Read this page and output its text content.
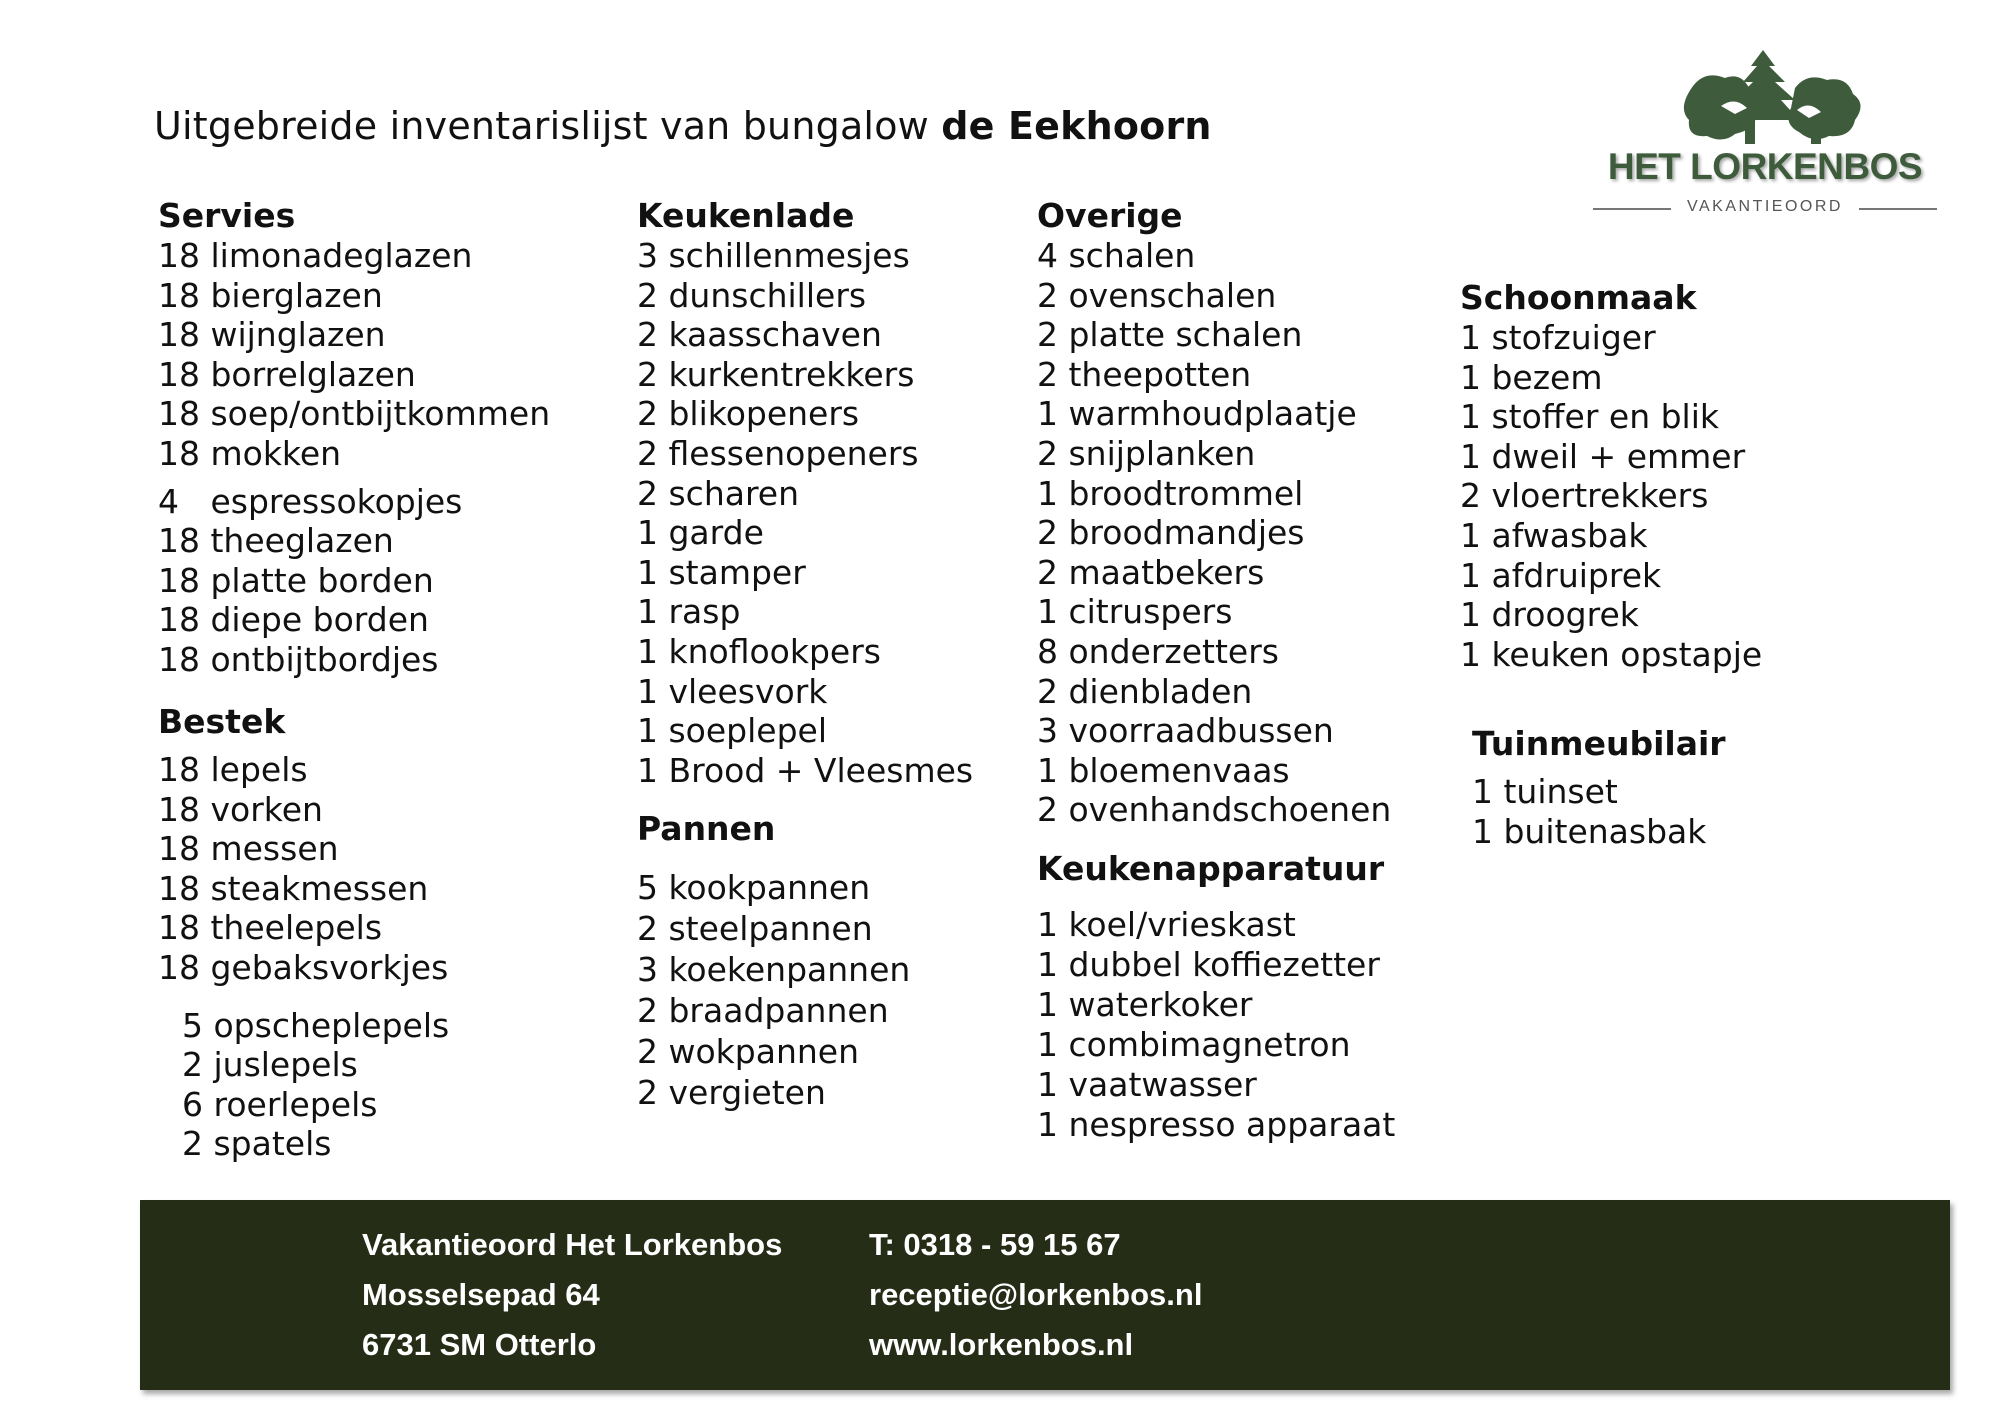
Uitgebreide inventarislijst van bungalow de Eekhoorn
HET LORKENBOS
VAKANTIEOORD
Servies
18 limonadeglazen
18 bierglazen
18 wijnglazen
18 borrelglazen
18 soep/ontbijtkommen
18 mokken
4   espressokopjes
18 theeglazen
18 platte borden
18 diepe borden
18 ontbijtbordjes
Bestek
18 lepels
18 vorken
18 messen
18 steakmessen
18 theelepels
18 gebaksvorkjes
5 opscheplepels
2 juslepels
6 roerlepels
2 spatels
Keukenlade
3 schillenmesjes
2 dunschillers
2 kaasschaven
2 kurkentrekkers
2 blikopeners
2 flessenopeners
2 scharen
1 garde
1 stamper
1 rasp
1 knoflookpers
1 vleesvork
1 soeplepel
1 Brood + Vleesmes
Pannen
5 kookpannen
2 steelpannen
3 koekenpannen
2 braadpannen
2 wokpannen
2 vergieten
Overige
4 schalen
2 ovenschalen
2 platte schalen
2 theepotten
1 warmhoudplaatje
2 snijplanken
1 broodtrommel
2 broodmandjes
2 maatbekers
1 citruspers
8 onderzetters
2 dienbladen
3 voorraadbussen
1 bloemenvaas
2 ovenhandschoenen
Keukenapparatuur
1 koel/vrieskast
1 dubbel koffiezetter
1 waterkoker
1 combimagnetron
1 vaatwasser
1 nespresso apparaat
Schoonmaak
1 stofzuiger
1 bezem
1 stoffer en blik
1 dweil + emmer
2 vloertrekkers
1 afwasbak
1 afdruiprek
1 droogrek
1 keuken opstapje
Tuinmeubilair
1 tuinset
1 buitenasbak
Vakantieoord Het Lorkenbos
Mosselsepad 64
6731 SM Otterlo
T: 0318 - 59 15 67
receptie@lorkenbos.nl
www.lorkenbos.nl
